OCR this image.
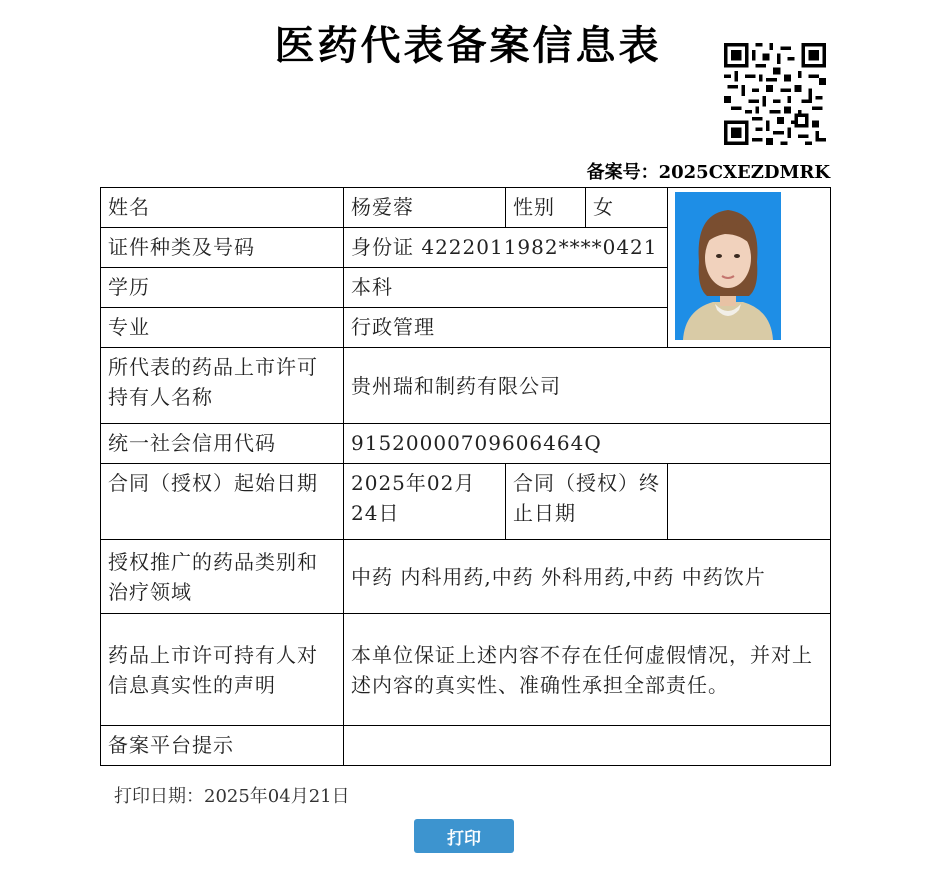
医药代表备案信息表
备案号：2025CXEZDMRK
姓名	杨爱蓉	性别	女	

证件种类及号码	身份证 4222011982****0421			
学历	本科			
专业	行政管理			
所代表的药品上市许可持有人名称	贵州瑞和制药有限公司			
统一社会信用代码	91520000709606464Q			
合同（授权）起始日期	2025年02月24日	合同（授权）终止日期		
授权推广的药品类别和治疗领域	中药 内科用药,中药 外科用药,中药 中药饮片			
药品上市许可持有人对信息真实性的声明	本单位保证上述内容不存在任何虚假情况，并对上述内容的真实性、准确性承担全部责任。			
备案平台提示				
打印日期：2025年04月21日
打印
